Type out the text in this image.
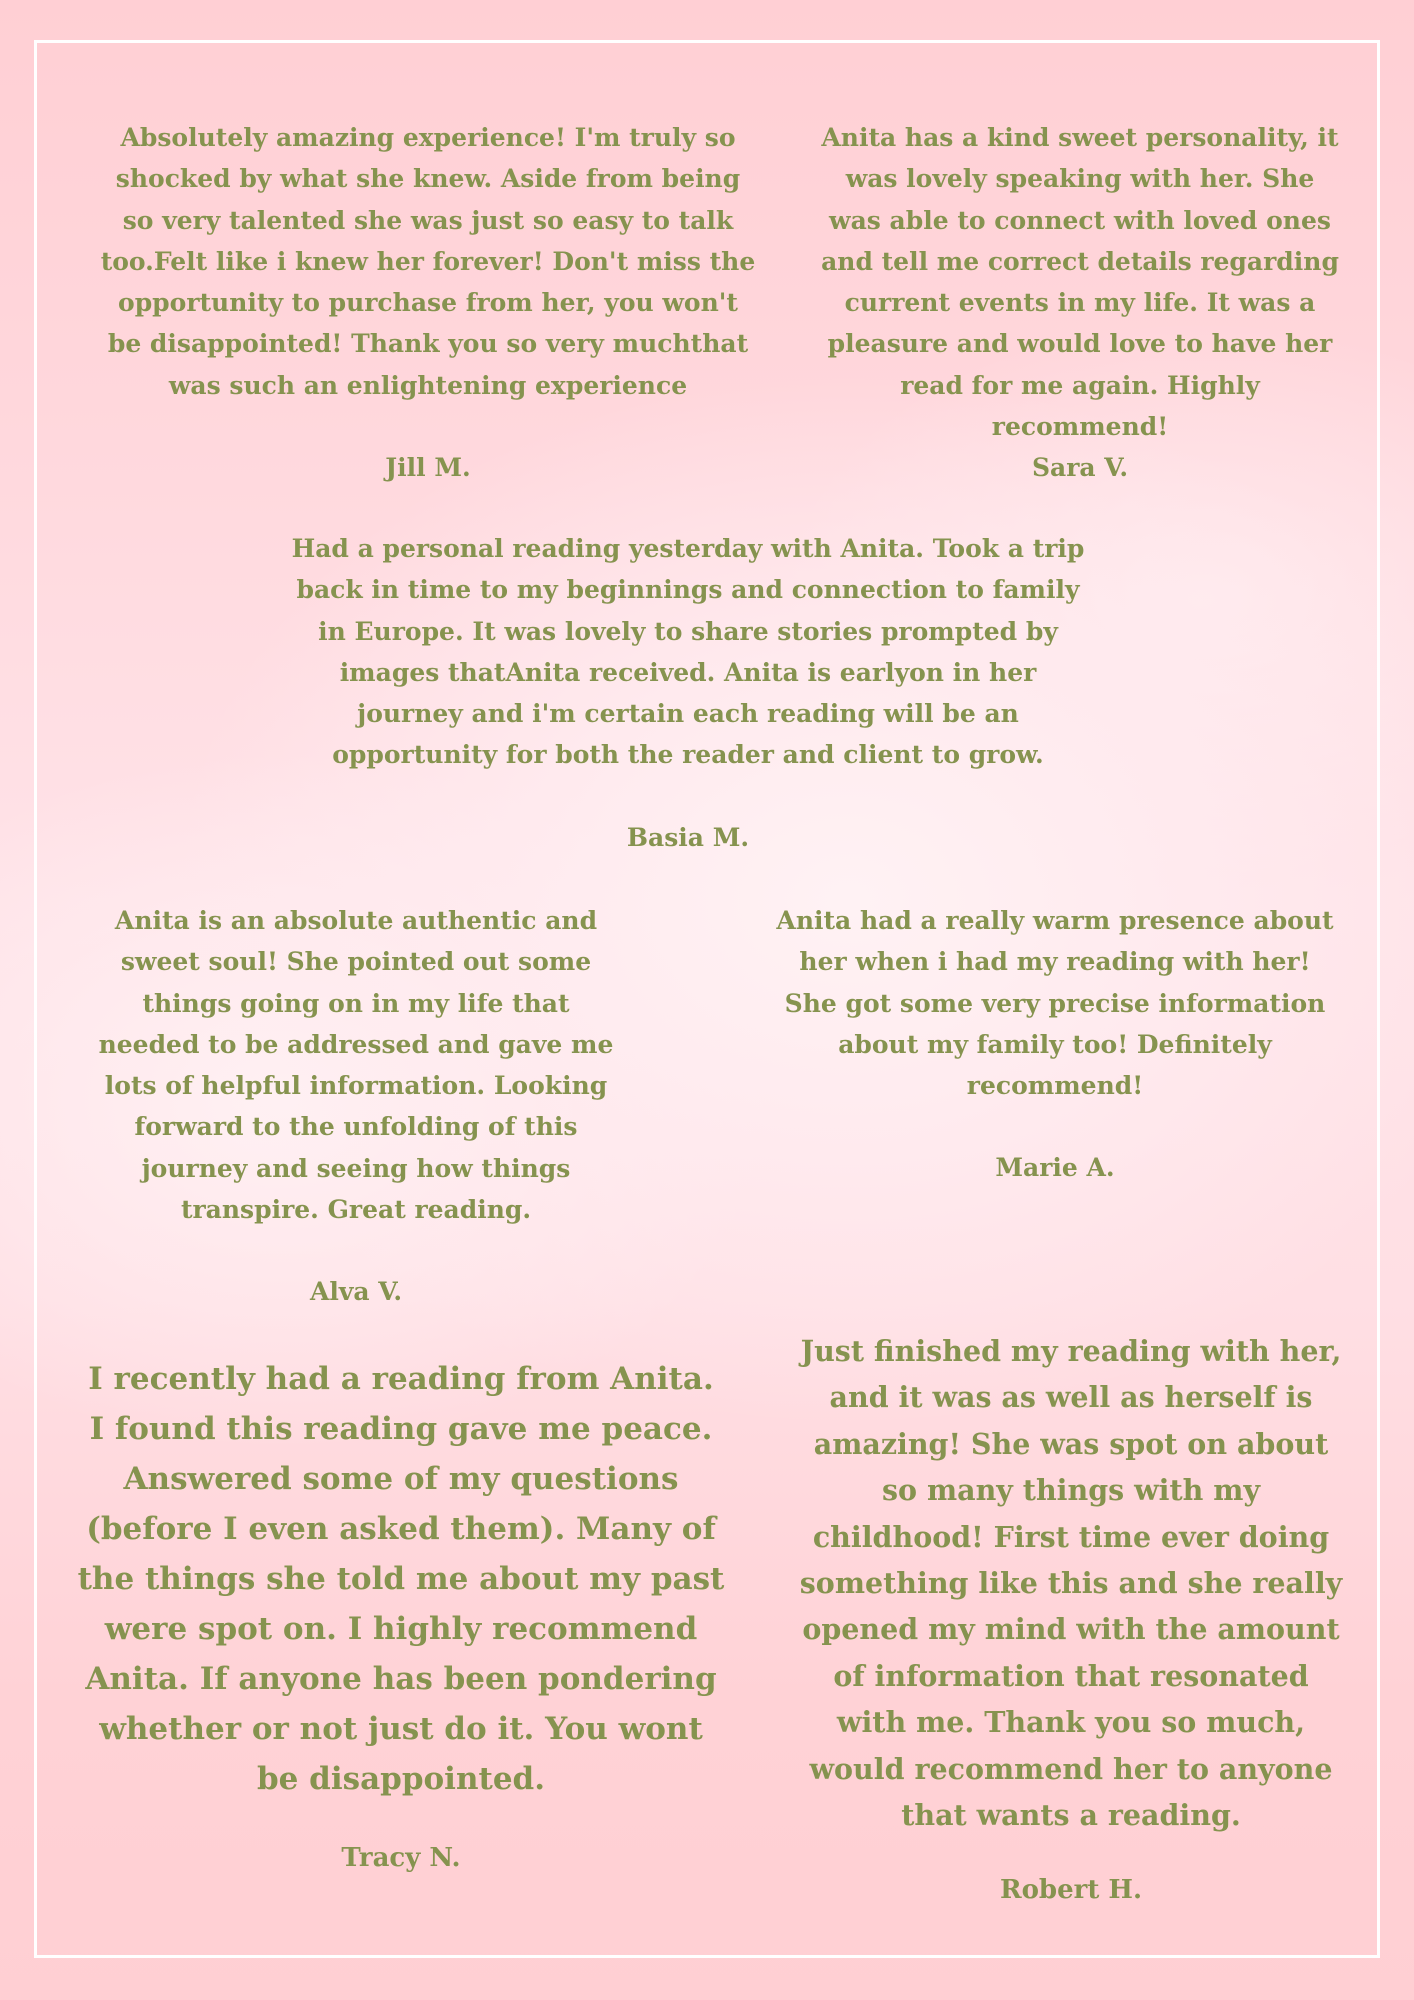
Absolutely amazing experience! I'm truly so shocked by what she knew. Aside from being so very talented she was just so easy to talk too.Felt like i knew her forever! Don't miss the opportunity to purchase from her, you won't be disappointed! Thank you so very muchthat was such an enlightening experience

Jill M.

Anita has a kind sweet personality, it was lovely speaking with her. She was able to connect with loved ones and tell me correct details regarding current events in my life. It was a pleasure and would love to have her read for me again. Highly recommend!

Sara V.

Had a personal reading yesterday with Anita. Took a trip back in time to my beginnings and connection to family in Europe. It was lovely to share stories prompted by images thatAnita received. Anita is earlyon in her journey and i'm certain each reading will be an opportunity for both the reader and client to grow.

Basia M.

Anita is an absolute authentic and sweet soul! She pointed out some things going on in my life that needed to be addressed and gave me lots of helpful information. Looking forward to the unfolding of this journey and seeing how things transpire. Great reading.

Alva V.

Anita had a really warm presence about her when i had my reading with her! She got some very precise information about my family too! Definitely recommend!

Marie A.

I recently had a reading from Anita. I found this reading gave me peace. Answered some of my questions (before I even asked them). Many of the things she told me about my past were spot on. I highly recommend Anita. If anyone has been pondering whether or not just do it. You wont be disappointed.

Tracy N.

Just finished my reading with her, and it was as well as herself is amazing! She was spot on about so many things with my childhood! First time ever doing something like this and she really opened my mind with the amount of information that resonated with me. Thank you so much, would recommend her to anyone that wants a reading.

Robert H.
